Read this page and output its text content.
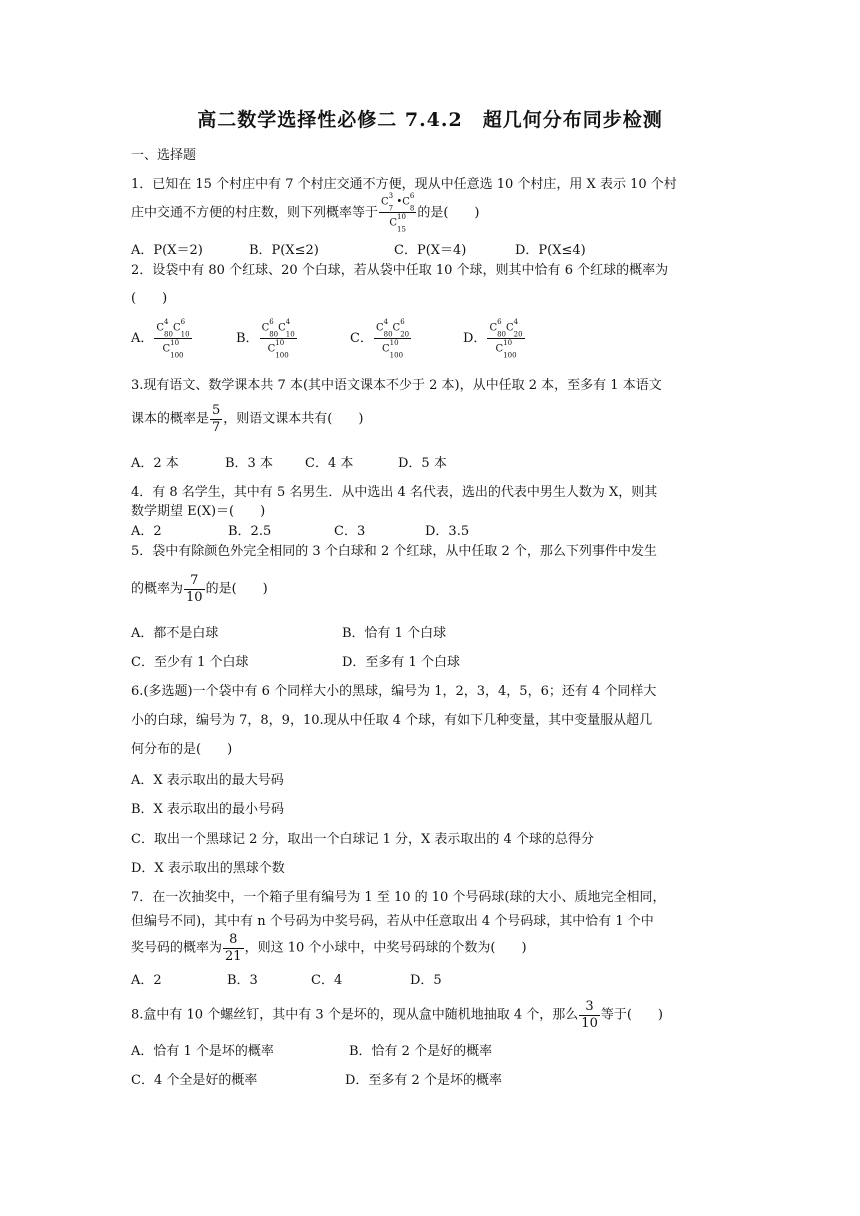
高二数学选择性必修二 7.4.2　超几何分布同步检测
一、选择题
1．已知在 15 个村庄中有 7 个村庄交通不方便，现从中任意选 10 个村庄，用 X 表示 10 个村
庄中交通不方便的村庄数，则下列概率等于
$C^3$
$_7$ $•C^6$
$_8$
$C^{10}$
$_{15}$
的是(　　)
A．P(X＝2)	B．P(X≤2)	C．P(X＝4)	D．P(X≤4)
2．设袋中有 80 个红球、20 个白球，若从袋中任取 10 个球，则其中恰有 6 个红球的概率为
(　　)
A．
$C^4$
$_{80}C^6$
$_{10}$
$C^{10}$
$_{100}$
B．
$C^6$
$_{80}C^4$
$_{10}$
$C^{10}$
$_{100}$
C．
$C^4$
$_{80}C^6$
$_{20}$
$C^{10}$
$_{100}$
D．
$C^6$
$_{80}C^4$
$_{20}$
$C^{10}$
$_{100}$
3.现有语文、数学课本共 7 本(其中语文课本不少于 2 本)，从中任取 2 本，至多有 1 本语文
课本的概率是 $\frac{5}{7}$ ，则语文课本共有(　　)
A．2 本	B．3 本 C．4 本	D．5 本
4．有 8 名学生，其中有 5 名男生．从中选出 4 名代表，选出的代表中男生人数为 X，则其
数学期望 E(X)＝(　　)
A．2	B．2.5	C．3	D．3.5
5．袋中有除颜色外完全相同的 3 个白球和 2 个红球，从中任取 2 个，那么下列事件中发生
的概率为 $\frac{7}{10}$ 的是(　　)
A．都不是白球	B．恰有 1 个白球
C．至少有 1 个白球	D．至多有 1 个白球
6.(多选题)一个袋中有 6 个同样大小的黑球，编号为 1，2，3，4，5，6；还有 4 个同样大
小的白球，编号为 7，8，9，10.现从中任取 4 个球，有如下几种变量，其中变量服从超几
何分布的是(　　)
A．X 表示取出的最大号码
B．X 表示取出的最小号码
C．取出一个黑球记 2 分，取出一个白球记 1 分，X 表示取出的 4 个球的总得分
D．X 表示取出的黑球个数
7．在一次抽奖中，一个箱子里有编号为 1 至 10 的 10 个号码球(球的大小、质地完全相同，
但编号不同)，其中有 n 个号码为中奖号码，若从中任意取出 4 个号码球，其中恰有 1 个中
奖号码的概率为 $\frac{8}{21}$ ，则这 10 个小球中，中奖号码球的个数为(　　)
A．2	B．3	C．4	D．5
8.盒中有 10 个螺丝钉，其中有 3 个是坏的，现从盒中随机地抽取 4 个，那么 $\frac{3}{10}$ 等于(　　)
A．恰有 1 个是坏的概率	B．恰有 2 个是好的概率
C．4 个全是好的概率	D．至多有 2 个是坏的概率
